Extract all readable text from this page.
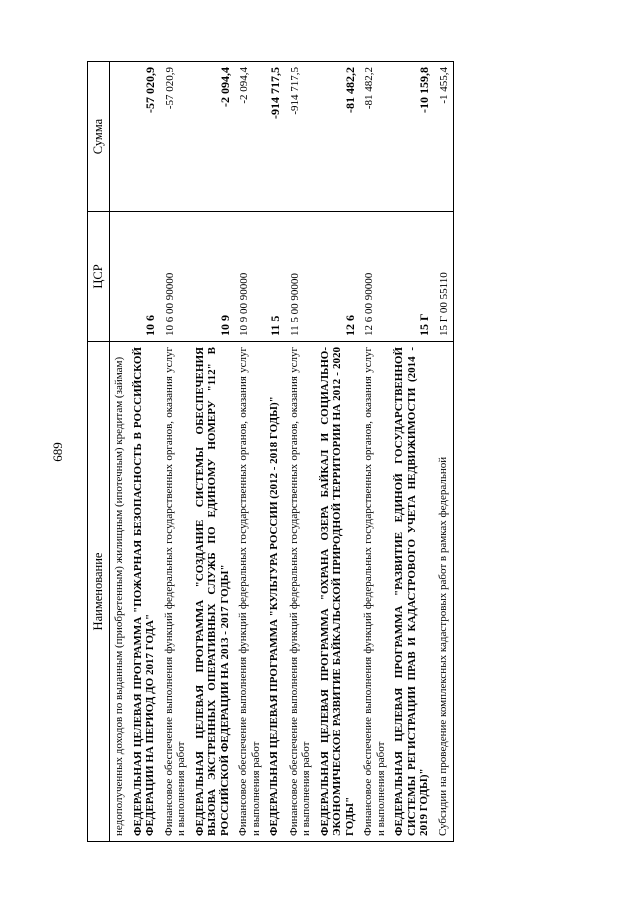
689
Наименование	ЦСР	Сумма
недополученных доходов по выданным (приобретенным) жилищным (ипотечным) кредитам (займам)		
ФЕДЕРАЛЬНАЯ ЦЕЛЕВАЯ ПРОГРАММА "ПОЖАРНАЯ БЕЗОПАСНОСТЬ В РОССИЙСКОЙ ФЕДЕРАЦИИ НА ПЕРИОД ДО 2017 ГОДА"	10 6	-57 020,9
Финансовое обеспечение выполнения функций федеральных государственных органов, оказания услуг и выполнения работ	10 6 00 90000	-57 020,9
ФЕДЕРАЛЬНАЯ ЦЕЛЕВАЯ ПРОГРАММА "СОЗДАНИЕ СИСТЕМЫ ОБЕСПЕЧЕНИЯ ВЫЗОВА ЭКСТРЕННЫХ ОПЕРАТИВНЫХ СЛУЖБ ПО ЕДИНОМУ НОМЕРУ "112" В РОССИЙСКОЙ ФЕДЕРАЦИИ НА 2013 - 2017 ГОДЫ"	10 9	-2 094,4
Финансовое обеспечение выполнения функций федеральных государственных органов, оказания услуг и выполнения работ	10 9 00 90000	-2 094,4
ФЕДЕРАЛЬНАЯ ЦЕЛЕВАЯ ПРОГРАММА "КУЛЬТУРА РОССИИ (2012 - 2018 ГОДЫ)"	11 5	-914 717,5
Финансовое обеспечение выполнения функций федеральных государственных органов, оказания услуг и выполнения работ	11 5 00 90000	-914 717,5
ФЕДЕРАЛЬНАЯ ЦЕЛЕВАЯ ПРОГРАММА "ОХРАНА ОЗЕРА БАЙКАЛ И СОЦИАЛЬНО-ЭКОНОМИЧЕСКОЕ РАЗВИТИЕ БАЙКАЛЬСКОЙ ПРИРОДНОЙ ТЕРРИТОРИИ НА 2012 - 2020 ГОДЫ"	12 6	-81 482,2
Финансовое обеспечение выполнения функций федеральных государственных органов, оказания услуг и выполнения работ	12 6 00 90000	-81 482,2
ФЕДЕРАЛЬНАЯ ЦЕЛЕВАЯ ПРОГРАММА "РАЗВИТИЕ ЕДИНОЙ ГОСУДАРСТВЕННОЙ СИСТЕМЫ РЕГИСТРАЦИИ ПРАВ И КАДАСТРОВОГО УЧЕТА НЕДВИЖИМОСТИ (2014 - 2019 ГОДЫ)"	15 Г	-10 159,8
Субсидии на проведение комплексных кадастровых работ в рамках федеральной	15 Г 00 55110	-1 455,4
